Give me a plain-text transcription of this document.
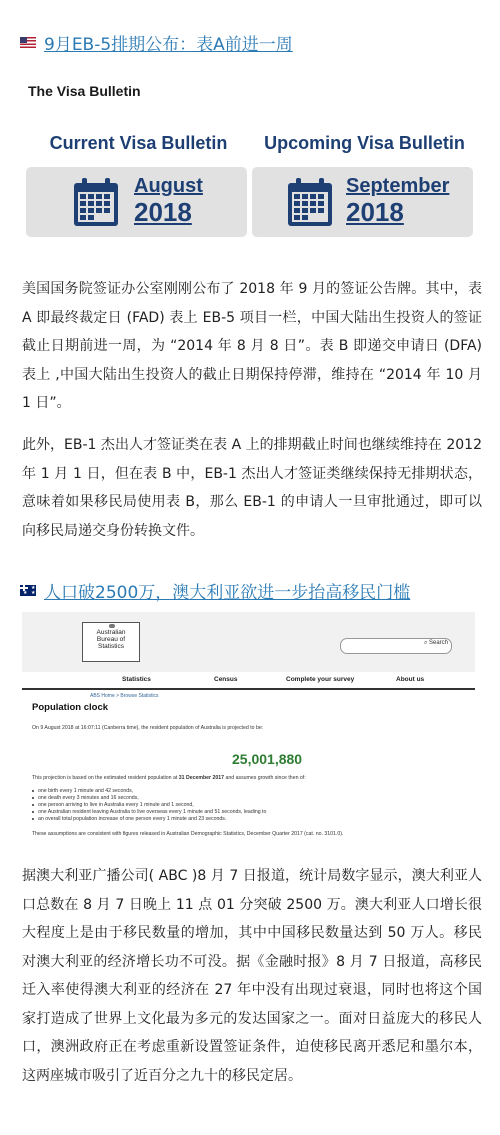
9月EB-5排期公布：表A前进一周
The Visa Bulletin
Current Visa Bulletin	Upcoming Visa Bulletin
August
2018
September
2018
美国国务院签证办公室刚刚公布了 2018 年 9 月的签证公告牌。其中，表 A 即最终裁定日 (FAD) 表上 EB-5 项目一栏，中国大陆出生投资人的签证截止日期前进一周，为 “2014 年 8 月 8 日”。表 B 即递交申请日 (DFA) 表上 ,中国大陆出生投资人的截止日期保持停滞，维持在 “2014 年 10 月 1 日”。
此外，EB-1 杰出人才签证类在表 A 上的排期截止时间也继续维持在 2012 年 1 月 1 日，但在表 B 中，EB-1 杰出人才签证类继续保持无排期状态，意味着如果移民局使用表 B，那么 EB-1 的申请人一旦审批通过，即可以向移民局递交身份转换文件。
★
★
★ 人口破2500万，澳大利亚欲进一步抬高移民门槛
Australian
Bureau of
Statistics	⌕ Search
Statistics	Census	Complete your survey	About us
ABS Home > Browse Statistics
Population clock
On 9 August 2018 at 16:07:11 (Canberra time), the resident population of Australia is projected to be:
25,001,880
This projection is based on the estimated resident population at 31 December 2017 and assumes growth since then of:
one birth every 1 minute and 42 seconds,
one death every 3 minutes and 16 seconds,
one person arriving to live in Australia every 1 minute and 1 second,
one Australian resident leaving Australia to live overseas every 1 minute and 51 seconds, leading to
an overall total population increase of one person every 1 minute and 23 seconds.
These assumptions are consistent with figures released in Australian Demographic Statistics, December Quarter 2017 (cat. no. 3101.0).
据澳大利亚广播公司( ABC )8 月 7 日报道，统计局数字显示，澳大利亚人口总数在 8 月 7 日晚上 11 点 01 分突破 2500 万。澳大利亚人口增长很大程度上是由于移民数量的增加，其中中国移民数量达到 50 万人。移民对澳大利亚的经济增长功不可没。据《金融时报》8 月 7 日报道，高移民迁入率使得澳大利亚的经济在 27 年中没有出现过衰退，同时也将这个国家打造成了世界上文化最为多元的发达国家之一。面对日益庞大的移民人口，澳洲政府正在考虑重新设置签证条件，迫使移民离开悉尼和墨尔本，这两座城市吸引了近百分之九十的移民定居。
